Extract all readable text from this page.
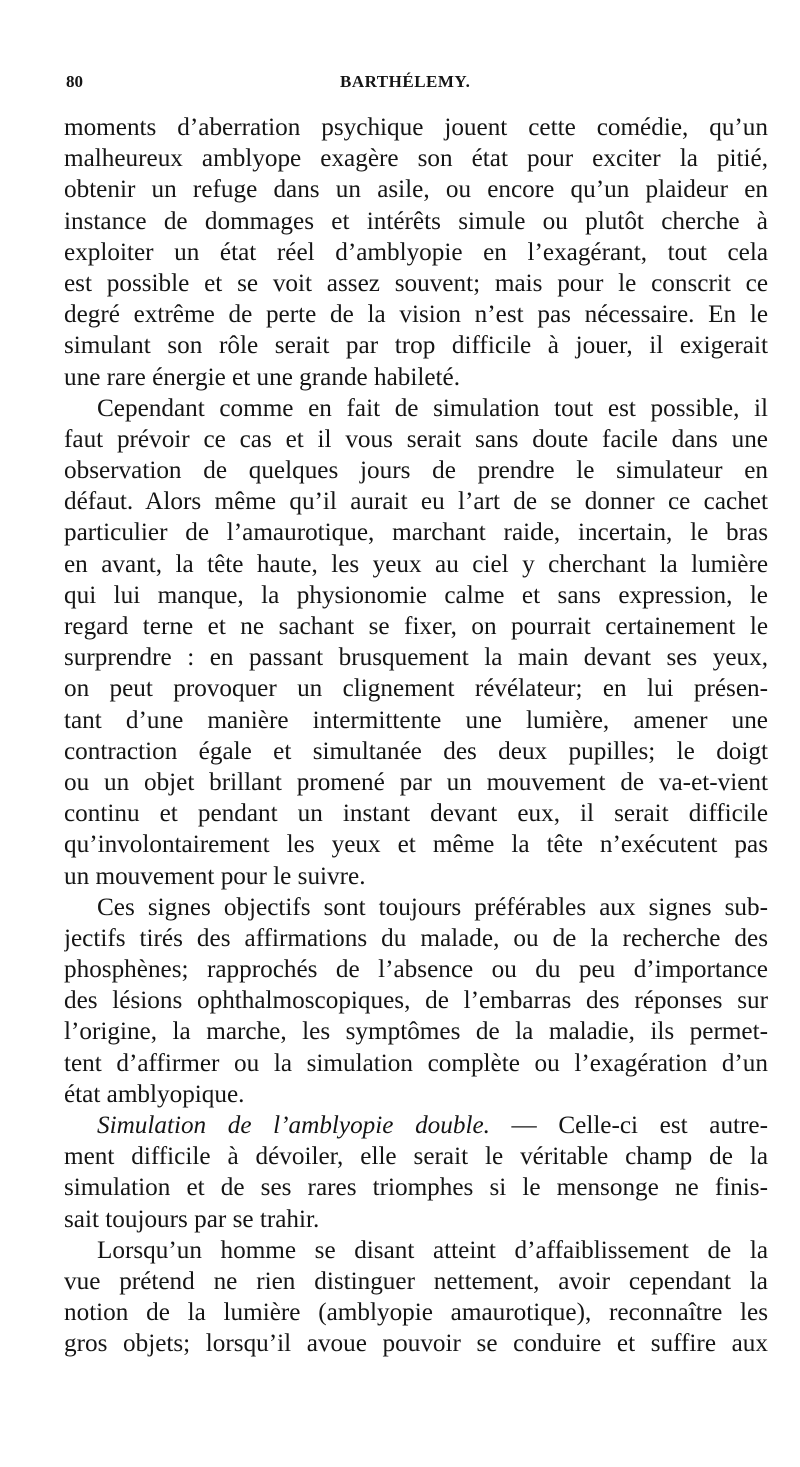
80	BARTHÉLEMY.
moments d’aberration psychique jouent cette comédie, qu’un
malheureux amblyope exagère son état pour exciter la pitié,
obtenir un refuge dans un asile, ou encore qu’un plaideur en
instance de dommages et intérêts simule ou plutôt cherche à
exploiter un état réel d’amblyopie en l’exagérant, tout cela
est possible et se voit assez souvent; mais pour le conscrit ce
degré extrême de perte de la vision n’est pas nécessaire. En le
simulant son rôle serait par trop difficile à jouer, il exigerait
une rare énergie et une grande habileté.
Cependant comme en fait de simulation tout est possible, il
faut prévoir ce cas et il vous serait sans doute facile dans une
observation de quelques jours de prendre le simulateur en
défaut. Alors même qu’il aurait eu l’art de se donner ce cachet
particulier de l’amaurotique, marchant raide, incertain, le bras
en avant, la tête haute, les yeux au ciel y cherchant la lumière
qui lui manque, la physionomie calme et sans expression, le
regard terne et ne sachant se fixer, on pourrait certainement le
surprendre : en passant brusquement la main devant ses yeux,
on peut provoquer un clignement révélateur; en lui présen-
tant d’une manière intermittente une lumière, amener une
contraction égale et simultanée des deux pupilles; le doigt
ou un objet brillant promené par un mouvement de va-et-vient
continu et pendant un instant devant eux, il serait difficile
qu’involontairement les yeux et même la tête n’exécutent pas
un mouvement pour le suivre.
Ces signes objectifs sont toujours préférables aux signes sub-
jectifs tirés des affirmations du malade, ou de la recherche des
phosphènes; rapprochés de l’absence ou du peu d’importance
des lésions ophthalmoscopiques, de l’embarras des réponses sur
l’origine, la marche, les symptômes de la maladie, ils permet-
tent d’affirmer ou la simulation complète ou l’exagération d’un
état amblyopique.
Simulation de l’amblyopie double. — Celle-ci est autre-
ment difficile à dévoiler, elle serait le véritable champ de la
simulation et de ses rares triomphes si le mensonge ne finis-
sait toujours par se trahir.
Lorsqu’un homme se disant atteint d’affaiblissement de la
vue prétend ne rien distinguer nettement, avoir cependant la
notion de la lumière (amblyopie amaurotique), reconnaître les
gros objets; lorsqu’il avoue pouvoir se conduire et suffire aux
